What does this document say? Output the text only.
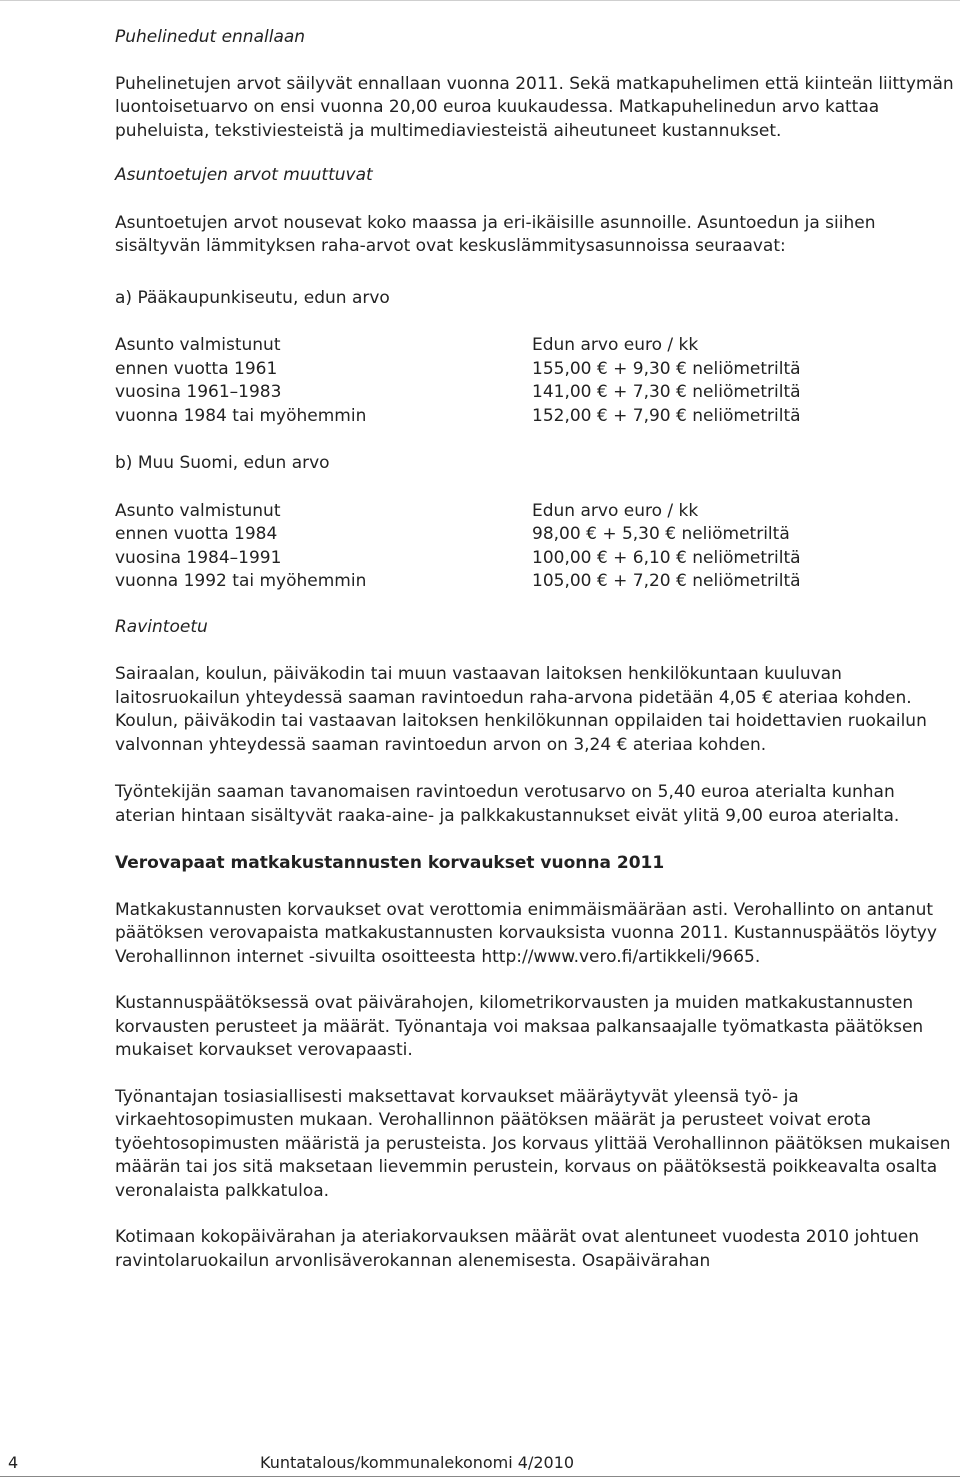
Puhelinedut ennallaan

Puhelinetujen arvot säilyvät ennallaan vuonna 2011. Sekä matkapuhelimen että kiinteän liittymän luontoisetuarvo on ensi vuonna 20,00 euroa kuukaudessa. Matkapuhelinedun arvo kattaa puheluista, tekstiviesteistä ja multimediaviesteistä aiheutuneet kustannukset.

Asuntoetujen arvot muuttuvat

Asuntoetujen arvot nousevat koko maassa ja eri-ikäisille asunnoille. Asuntoedun ja siihen sisältyvän lämmityksen raha-arvot ovat keskuslämmitysasunnoissa seuraavat:

a) Pääkaupunkiseutu, edun arvo

Asunto valmistunut	Edun arvo euro / kk
ennen vuotta 1961	155,00 € + 9,30 € neliömetriltä
vuosina 1961–1983	141,00 € + 7,30 € neliömetriltä
vuonna 1984 tai myöhemmin	152,00 € + 7,90 € neliömetriltä

b) Muu Suomi, edun arvo

Asunto valmistunut	Edun arvo euro / kk
ennen vuotta 1984	98,00 € + 5,30 € neliömetriltä
vuosina 1984–1991	100,00 € + 6,10 € neliömetriltä
vuonna 1992 tai myöhemmin	105,00 € + 7,20 € neliömetriltä

Ravintoetu

Sairaalan, koulun, päiväkodin tai muun vastaavan laitoksen henkilökuntaan kuuluvan laitosruokailun yhteydessä saaman ravintoedun raha-arvona pidetään 4,05 € ateriaa kohden. Koulun, päiväkodin tai vastaavan laitoksen henkilökunnan oppilaiden tai hoidettavien ruokailun valvonnan yhteydessä saaman ravintoedun arvon on 3,24 € ateriaa kohden.

Työntekijän saaman tavanomaisen ravintoedun verotusarvo on 5,40 euroa aterialta kunhan aterian hintaan sisältyvät raaka-aine- ja palkkakustannukset eivät ylitä 9,00 euroa aterialta.

Verovapaat matkakustannusten korvaukset vuonna 2011

Matkakustannusten korvaukset ovat verottomia enimmäismääräan asti. Verohallinto on antanut päätöksen verovapaista matkakustannusten korvauksista vuonna 2011. Kustannuspäätös löytyy Verohallinnon internet -sivuilta osoitteesta http://www.vero.fi/artikkeli/9665.

Kustannuspäätöksessä ovat päivärahojen, kilometrikorvausten ja muiden matkakustannusten korvausten perusteet ja määrät. Työnantaja voi maksaa palkansaajalle työmatkasta päätöksen mukaiset korvaukset verovapaasti.

Työnantajan tosiasiallisesti maksettavat korvaukset määräytyvät yleensä työ- ja virkaehtosopimusten mukaan. Verohallinnon päätöksen määrät ja perusteet voivat erota työehtosopimusten määristä ja perusteista. Jos korvaus ylittää Verohallinnon päätöksen mukaisen määrän tai jos sitä maksetaan lievemmin perustein, korvaus on päätöksestä poikkeavalta osalta veronalaista palkkatuloa.

Kotimaan kokopäivärahan ja ateriakorvauksen määrät ovat alentuneet vuodesta 2010 johtuen ravintolaruokailun arvonlisäverokannan alenemisesta. Osapäivärahan

4	Kuntatalous/kommunalekonomi 4/2010
